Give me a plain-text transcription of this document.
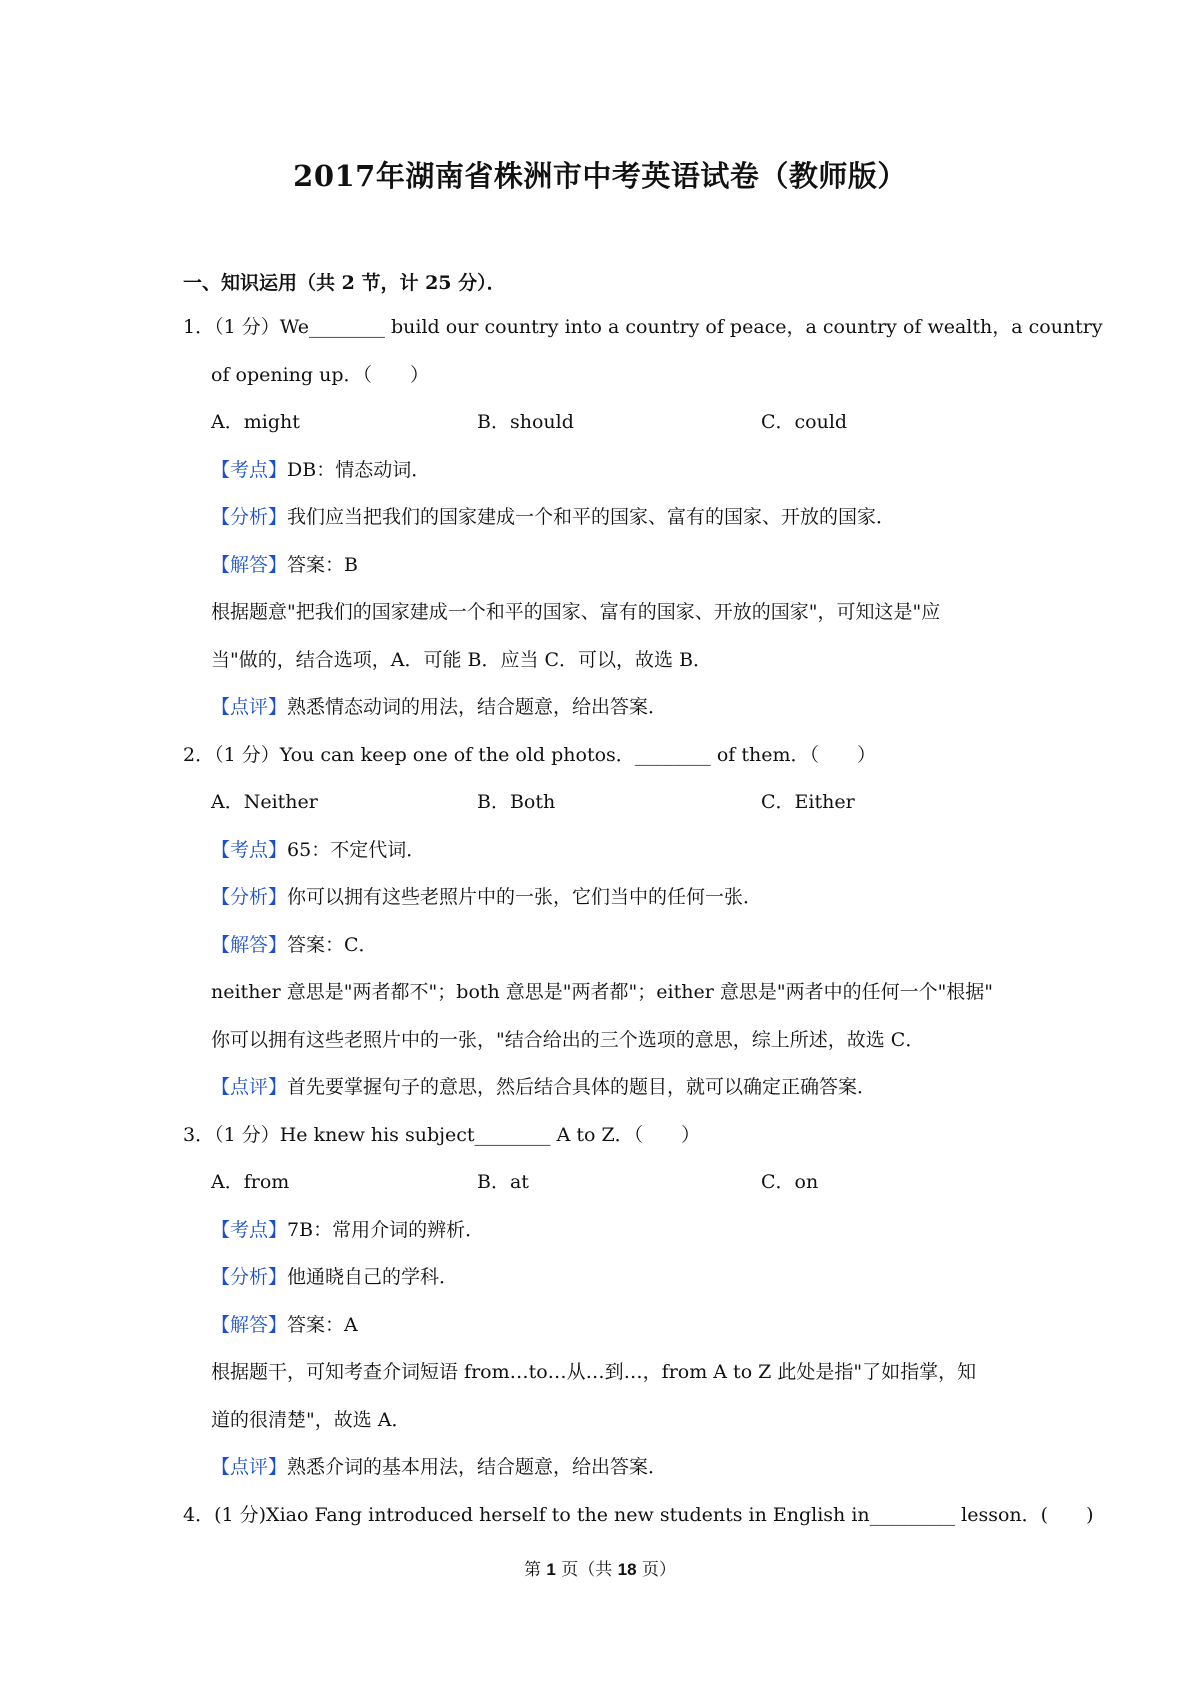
2017年湖南省株洲市中考英语试卷（教师版）
一、知识运用（共 2 节，计 25 分）．
1．（1 分）We________ build our country into a country of peace，a country of wealth，a country
of opening up．（　　）
A．might	B．should	C．could
【考点】DB：情态动词．
【分析】我们应当把我们的国家建成一个和平的国家、富有的国家、开放的国家．
【解答】答案：B
根据题意"把我们的国家建成一个和平的国家、富有的国家、开放的国家"，可知这是"应
当"做的，结合选项，A．可能 B．应当 C．可以，故选 B．
【点评】熟悉情态动词的用法，结合题意，给出答案．
2．（1 分）You can keep one of the old photos．________ of them．（　　）
A．Neither	B．Both	C．Either
【考点】65：不定代词．
【分析】你可以拥有这些老照片中的一张，它们当中的任何一张．
【解答】答案：C．
neither 意思是"两者都不"；both 意思是"两者都"；either 意思是"两者中的任何一个"根据"
你可以拥有这些老照片中的一张，"结合给出的三个选项的意思，综上所述，故选 C．
【点评】首先要掌握句子的意思，然后结合具体的题目，就可以确定正确答案．
3．（1 分）He knew his subject________ A to Z．（　　）
A．from	B．at	C．on
【考点】7B：常用介词的辨析．
【分析】他通晓自己的学科．
【解答】答案：A
根据题干，可知考查介词短语 from…to…从…到…，from A to Z 此处是指"了如指掌，知
道的很清楚"，故选 A．
【点评】熟悉介词的基本用法，结合题意，给出答案．
4．(1 分)Xiao Fang introduced herself to the new students in English in_________ lesson．(　　)
第 1 页（共 18 页）
